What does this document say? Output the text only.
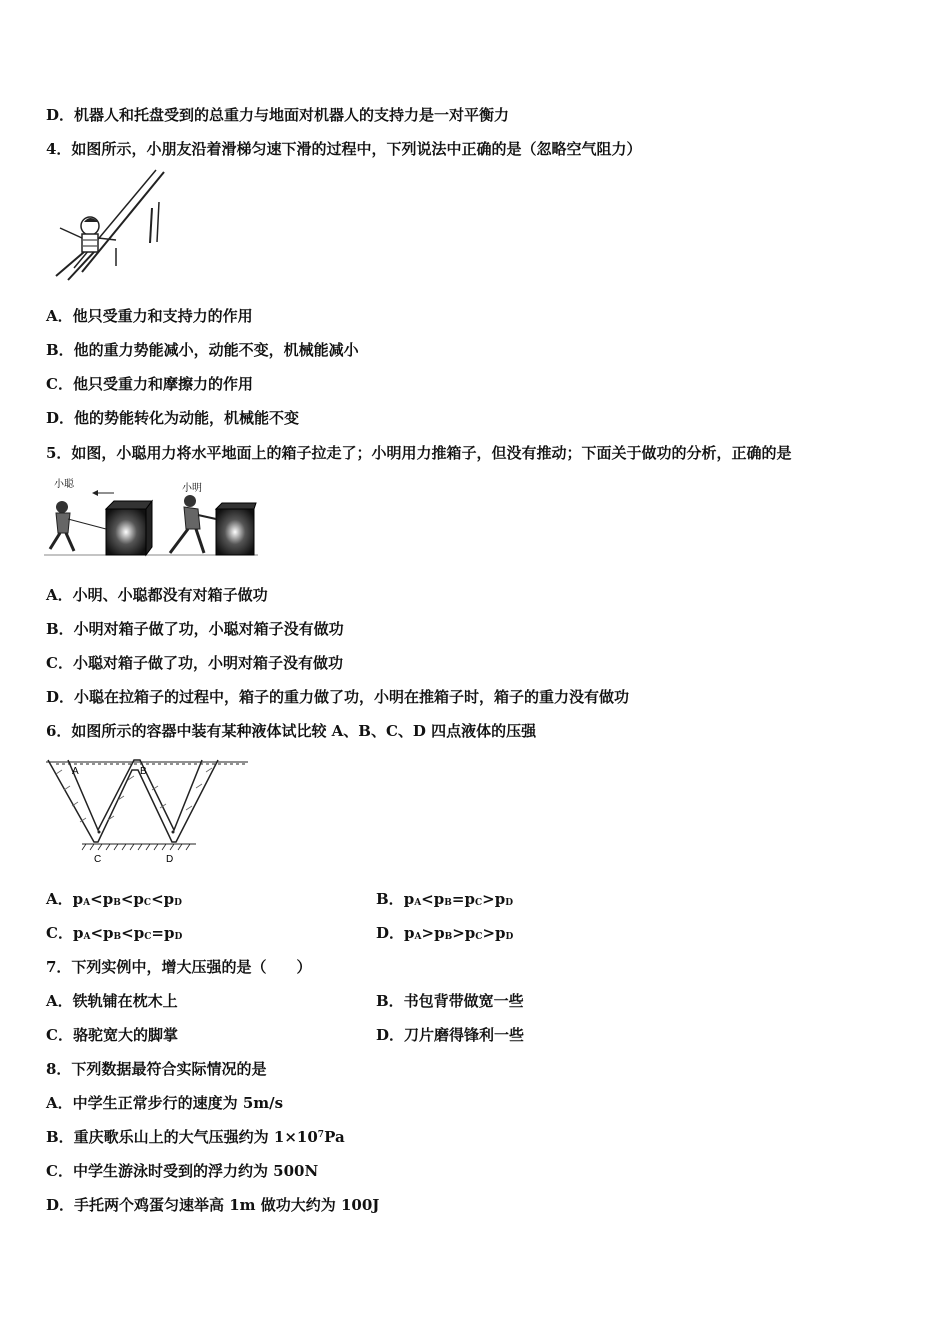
D．机器人和托盘受到的总重力与地面对机器人的支持力是一对平衡力
4．如图所示，小朋友沿着滑梯匀速下滑的过程中，下列说法中正确的是（忽略空气阻力）
A．他只受重力和支持力的作用
B．他的重力势能减小，动能不变，机械能减小
C．他只受重力和摩擦力的作用
D．他的势能转化为动能，机械能不变
5．如图，小聪用力将水平地面上的箱子拉走了；小明用力推箱子，但没有推动；下面关于做功的分析，正确的是
小聪	小明
A．小明、小聪都没有对箱子做功
B．小明对箱子做了功，小聪对箱子没有做功
C．小聪对箱子做了功，小明对箱子没有做功
D．小聪在拉箱子的过程中，箱子的重力做了功，小明在推箱子时，箱子的重力没有做功
6．如图所示的容器中装有某种液体试比较 A、B、C、D 四点液体的压强
A	B
C	D
A．$p_A<p_B<p_C<p_D$	B．$p_A<p_B=p_C>p_D$
C．$p_A<p_B<p_C=p_D$	D．$p_A>p_B>p_C>p_D$
7．下列实例中，增大压强的是（　　）
A．铁轨铺在枕木上	B．书包背带做宽一些
C．骆驼宽大的脚掌	D．刀片磨得锋利一些
8．下列数据最符合实际情况的是
A．中学生正常步行的速度为 5m/s
B．重庆歌乐山上的大气压强约为 $1\times 10^7Pa$
C．中学生游泳时受到的浮力约为 500N
D．手托两个鸡蛋匀速举高 1m 做功大约为 100J
